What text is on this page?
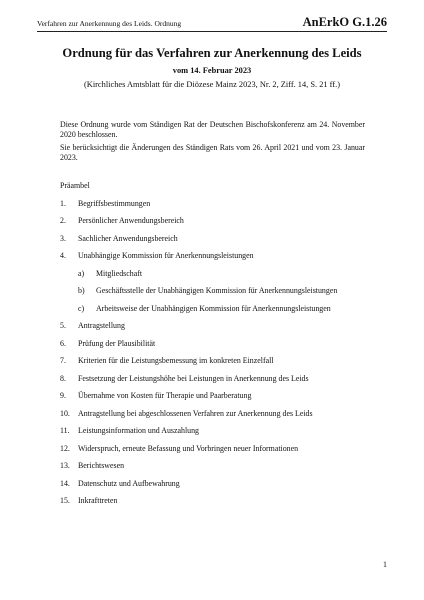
Verfahren zur Anerkennung des Leids. Ordnung	AnErkO G.1.26
Ordnung für das Verfahren zur Anerkennung des Leids
vom 14. Februar 2023
(Kirchliches Amtsblatt für die Diözese Mainz 2023, Nr. 2, Ziff. 14, S. 21 ff.)

Diese Ordnung wurde vom Ständigen Rat der Deutschen Bischofskonferenz am 24. November 2020 beschlossen.

Sie berücksichtigt die Änderungen des Ständigen Rats vom 26. April 2021 und vom 23. Januar 2023.

Präambel
1. Begriffsbestimmungen
2. Persönlicher Anwendungsbereich
3. Sachlicher Anwendungsbereich
4. Unabhängige Kommission für Anerkennungsleistungen
a) Mitgliedschaft
b) Geschäftsstelle der Unabhängigen Kommission für Anerkennungsleistungen
c) Arbeitsweise der Unabhängigen Kommission für Anerkennungsleistungen
5. Antragstellung
6. Prüfung der Plausibilität
7. Kriterien für die Leistungsbemessung im konkreten Einzelfall
8. Festsetzung der Leistungshöhe bei Leistungen in Anerkennung des Leids
9. Übernahme von Kosten für Therapie und Paarberatung
10. Antragstellung bei abgeschlossenen Verfahren zur Anerkennung des Leids
11. Leistungsinformation und Auszahlung
12. Widerspruch, erneute Befassung und Vorbringen neuer Informationen
13. Berichtswesen
14. Datenschutz und Aufbewahrung
15. Inkrafttreten
1
